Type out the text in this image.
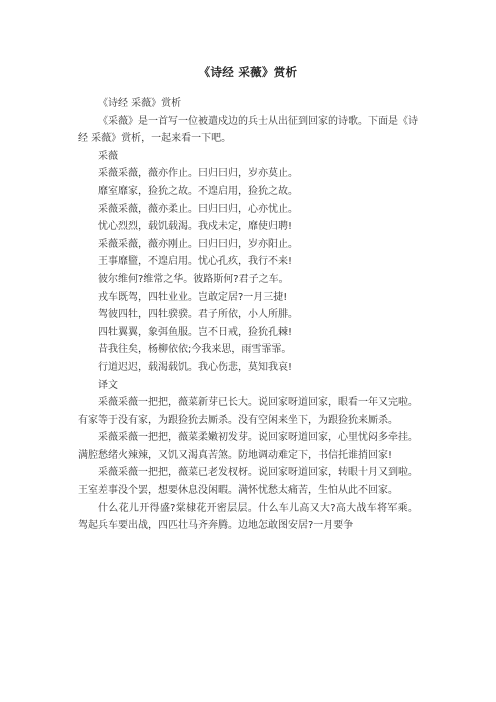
《诗经 采薇》赏析

《诗经 采薇》赏析

《采薇》是一首写一位被遣戍边的兵士从出征到回家的诗歌。下面是《诗经 采薇》赏析，一起来看一下吧。

采薇

采薇采薇，薇亦作止。曰归曰归，岁亦莫止。

靡室靡家，猃狁之故。不遑启用，猃狁之故。

采薇采薇，薇亦柔止。曰归曰归，心亦忧止。

忧心烈烈，载饥载渴。我戍未定，靡使归聘!

采薇采薇，薇亦刚止。曰归曰归，岁亦阳止。

王事靡盬，不遑启用。忧心孔疚，我行不来!

彼尔维何?维常之华。彼路斯何?君子之车。

戎车既驾，四牡业业。岂敢定居?一月三捷!

驾彼四牡，四牡骙骙。君子所依，小人所腓。

四牡翼翼，象弭鱼服。岂不日戒，猃狁孔棘!

昔我往矣，杨柳依依;今我来思，雨雪霏霏。

行道迟迟，载渴载饥。我心伤悲，莫知我哀!

译文

采薇采薇一把把，薇菜新芽已长大。说回家呀道回家，眼看一年又完啦。有家等于没有家，为跟猃狁去厮杀。没有空闲来坐下，为跟猃狁来厮杀。

采薇采薇一把把，薇菜柔嫩初发芽。说回家呀道回家，心里忧闷多牵挂。满腔愁绪火辣辣，又饥又渴真苦煞。防地调动难定下，书信托谁捎回家!

采薇采薇一把把，薇菜已老发杈枒。说回家呀道回家，转眼十月又到啦。王室差事没个罢，想要休息没闲暇。满怀忧愁太痛苦，生怕从此不回家。

什么花儿开得盛?棠棣花开密层层。什么车儿高又大?高大战车将军乘。驾起兵车要出战，四匹壮马齐奔腾。边地怎敢图安居?一月要争
